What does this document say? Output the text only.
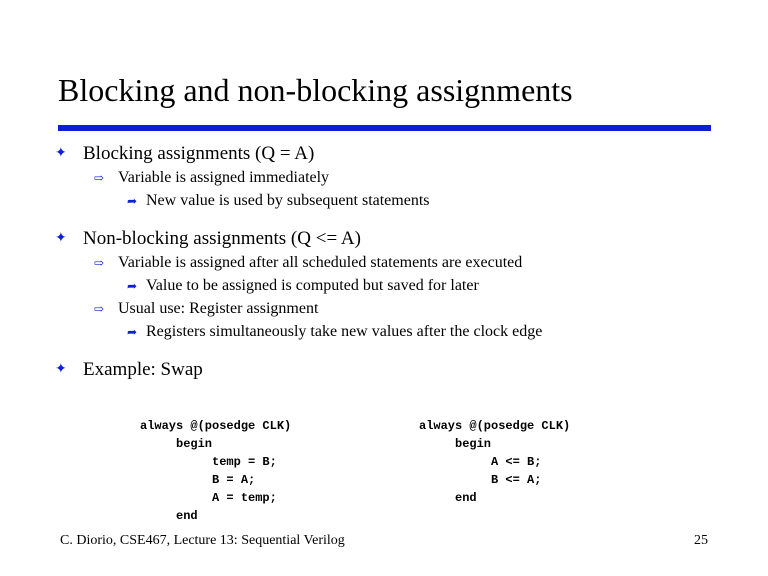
Blocking and non-blocking assignments
✦ Blocking assignments (Q = A)
⇨ Variable is assigned immediately
➦ New value is used by subsequent statements
✦ Non-blocking assignments (Q <= A)
⇨ Variable is assigned after all scheduled statements are executed
➦ Value to be assigned is computed but saved for later
⇨ Usual use: Register assignment
➦ Registers simultaneously take new values after the clock edge
✦ Example: Swap

always @(posedge CLK)
begin
temp = B;
B = A;
A = temp;
end

always @(posedge CLK)
begin
A <= B;
B <= A;
end
C. Diorio, CSE467, Lecture 13: Sequential Verilog	25
